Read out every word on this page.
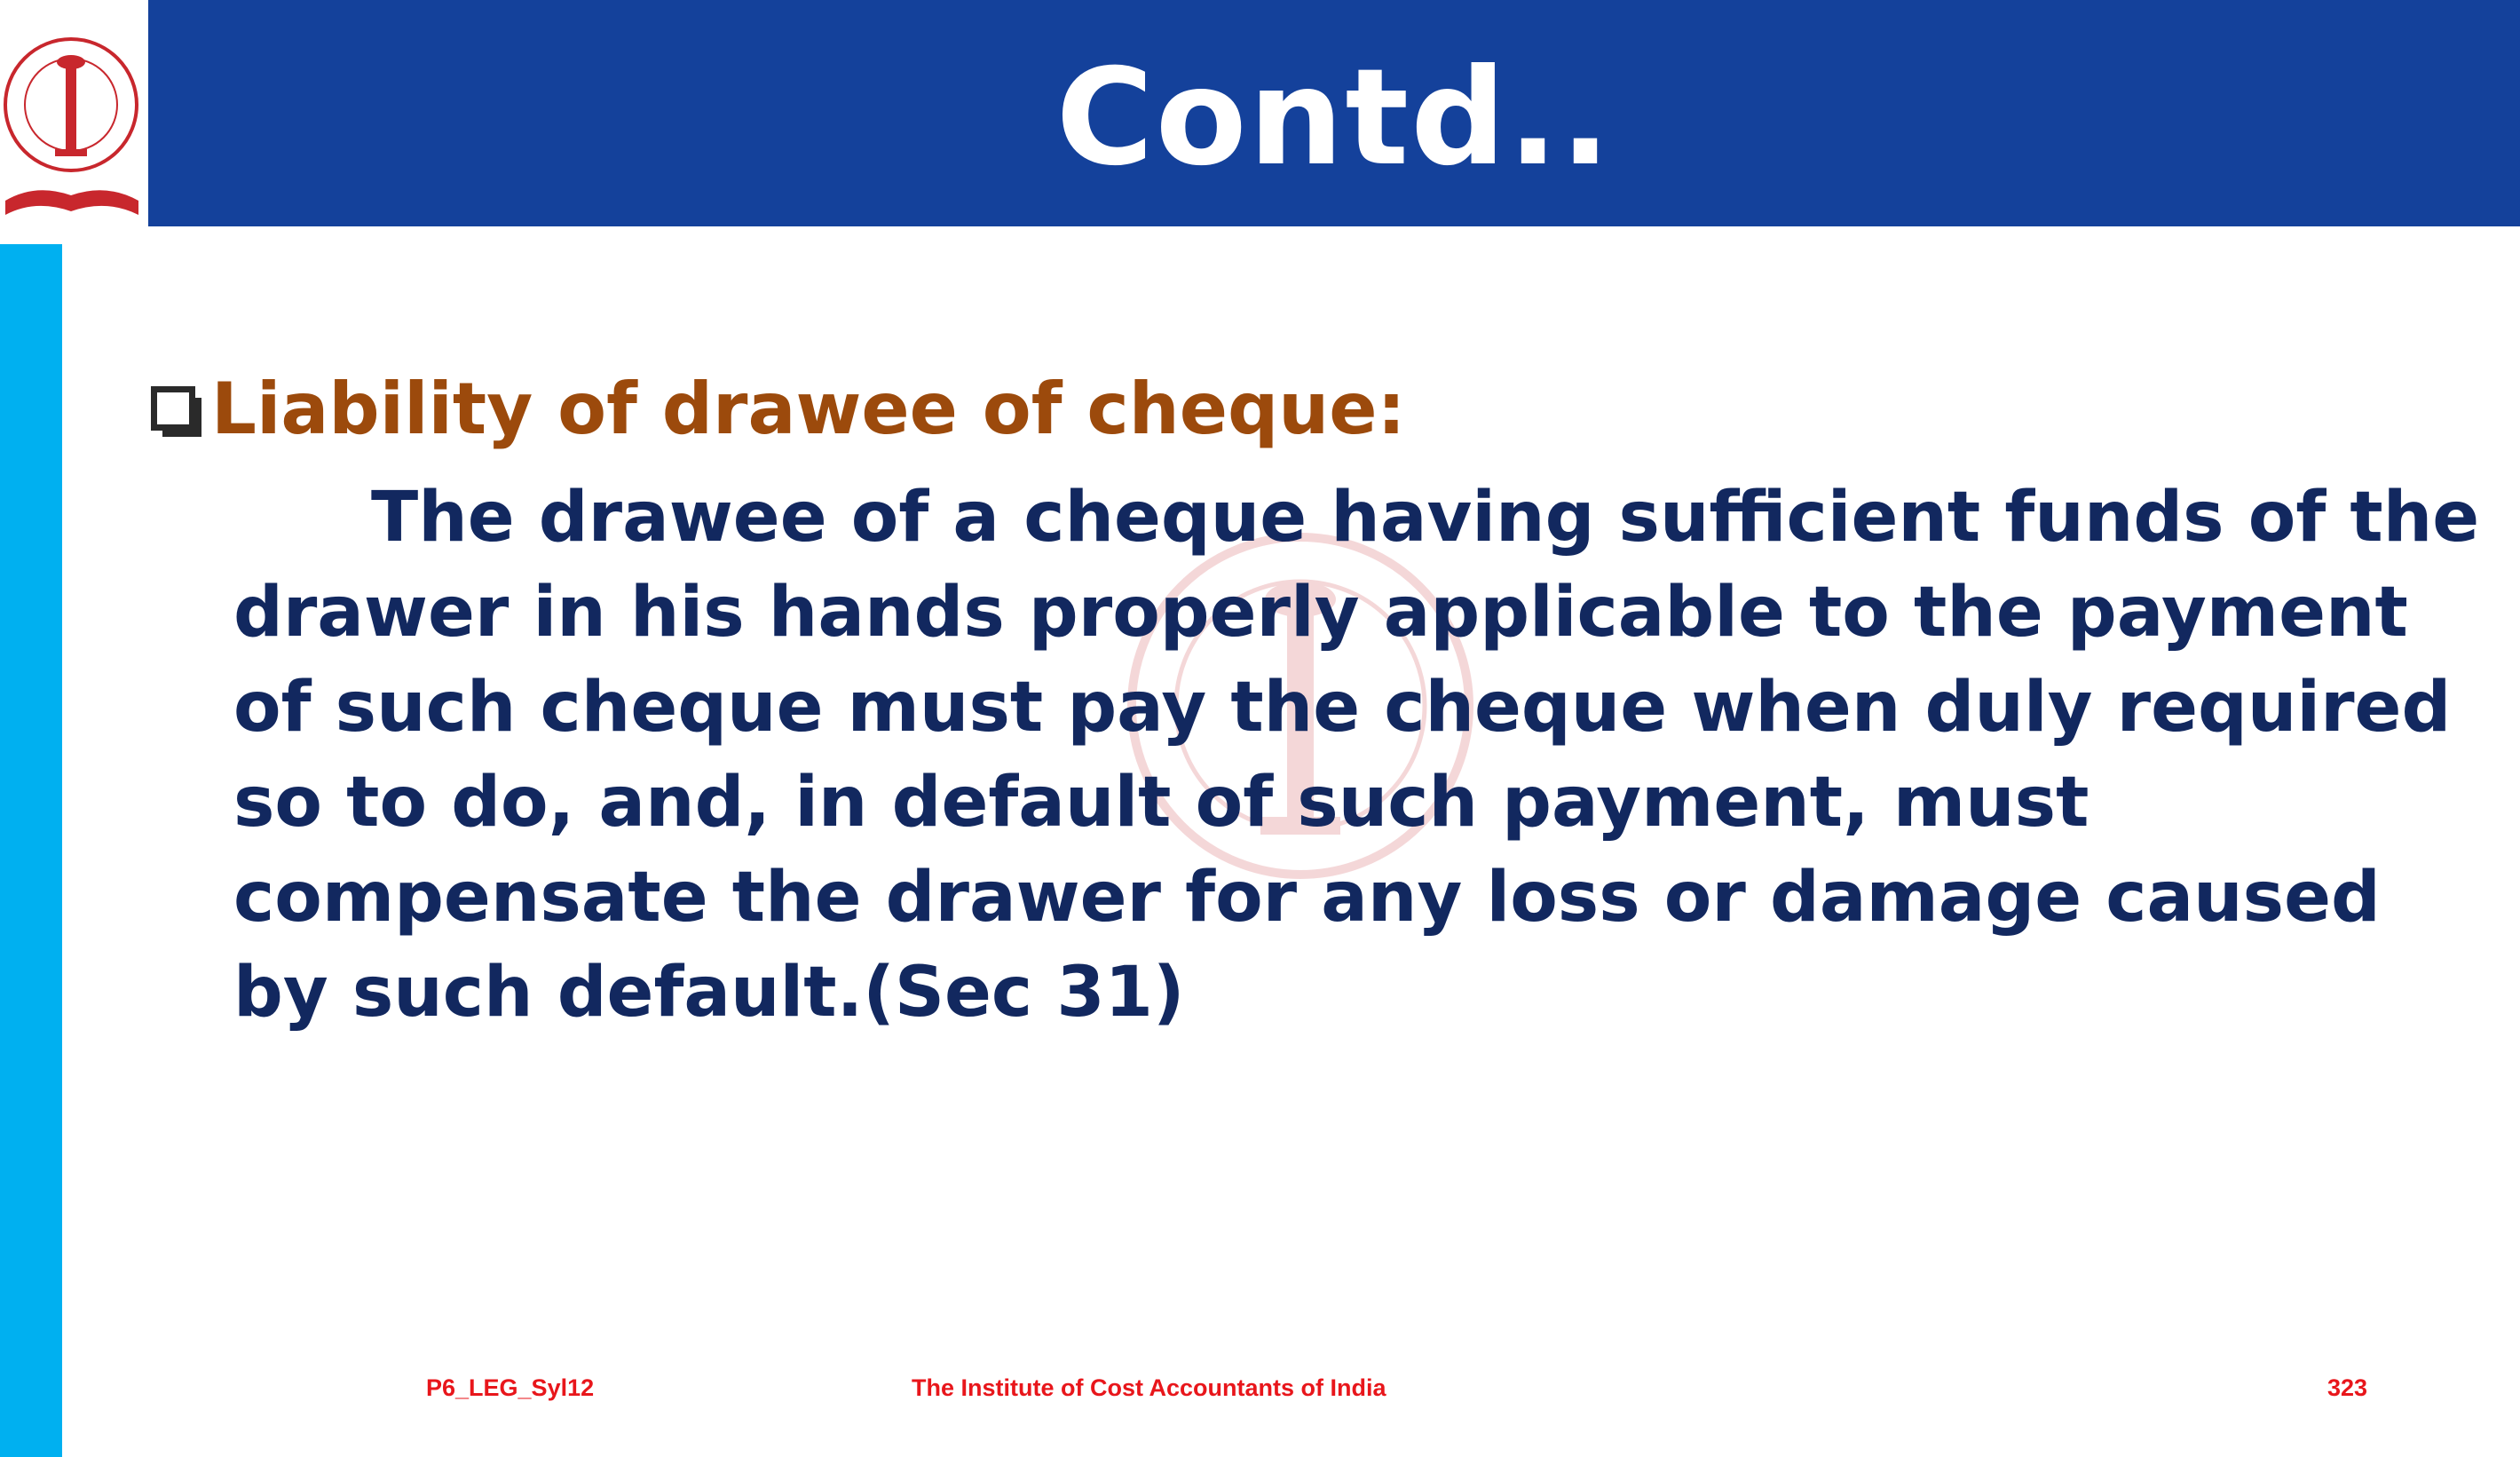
Contd..
Liability of drawee of cheque:

The drawee of a cheque having sufficient funds of the
drawer in his hands properly applicable to the payment
of such cheque must pay the cheque when duly required
so to do, and, in default of such payment, must
compensate the drawer for any loss or damage caused
by such default.(Sec 31)

P6_LEG_Syl12	The Institute of Cost Accountants of India	323
